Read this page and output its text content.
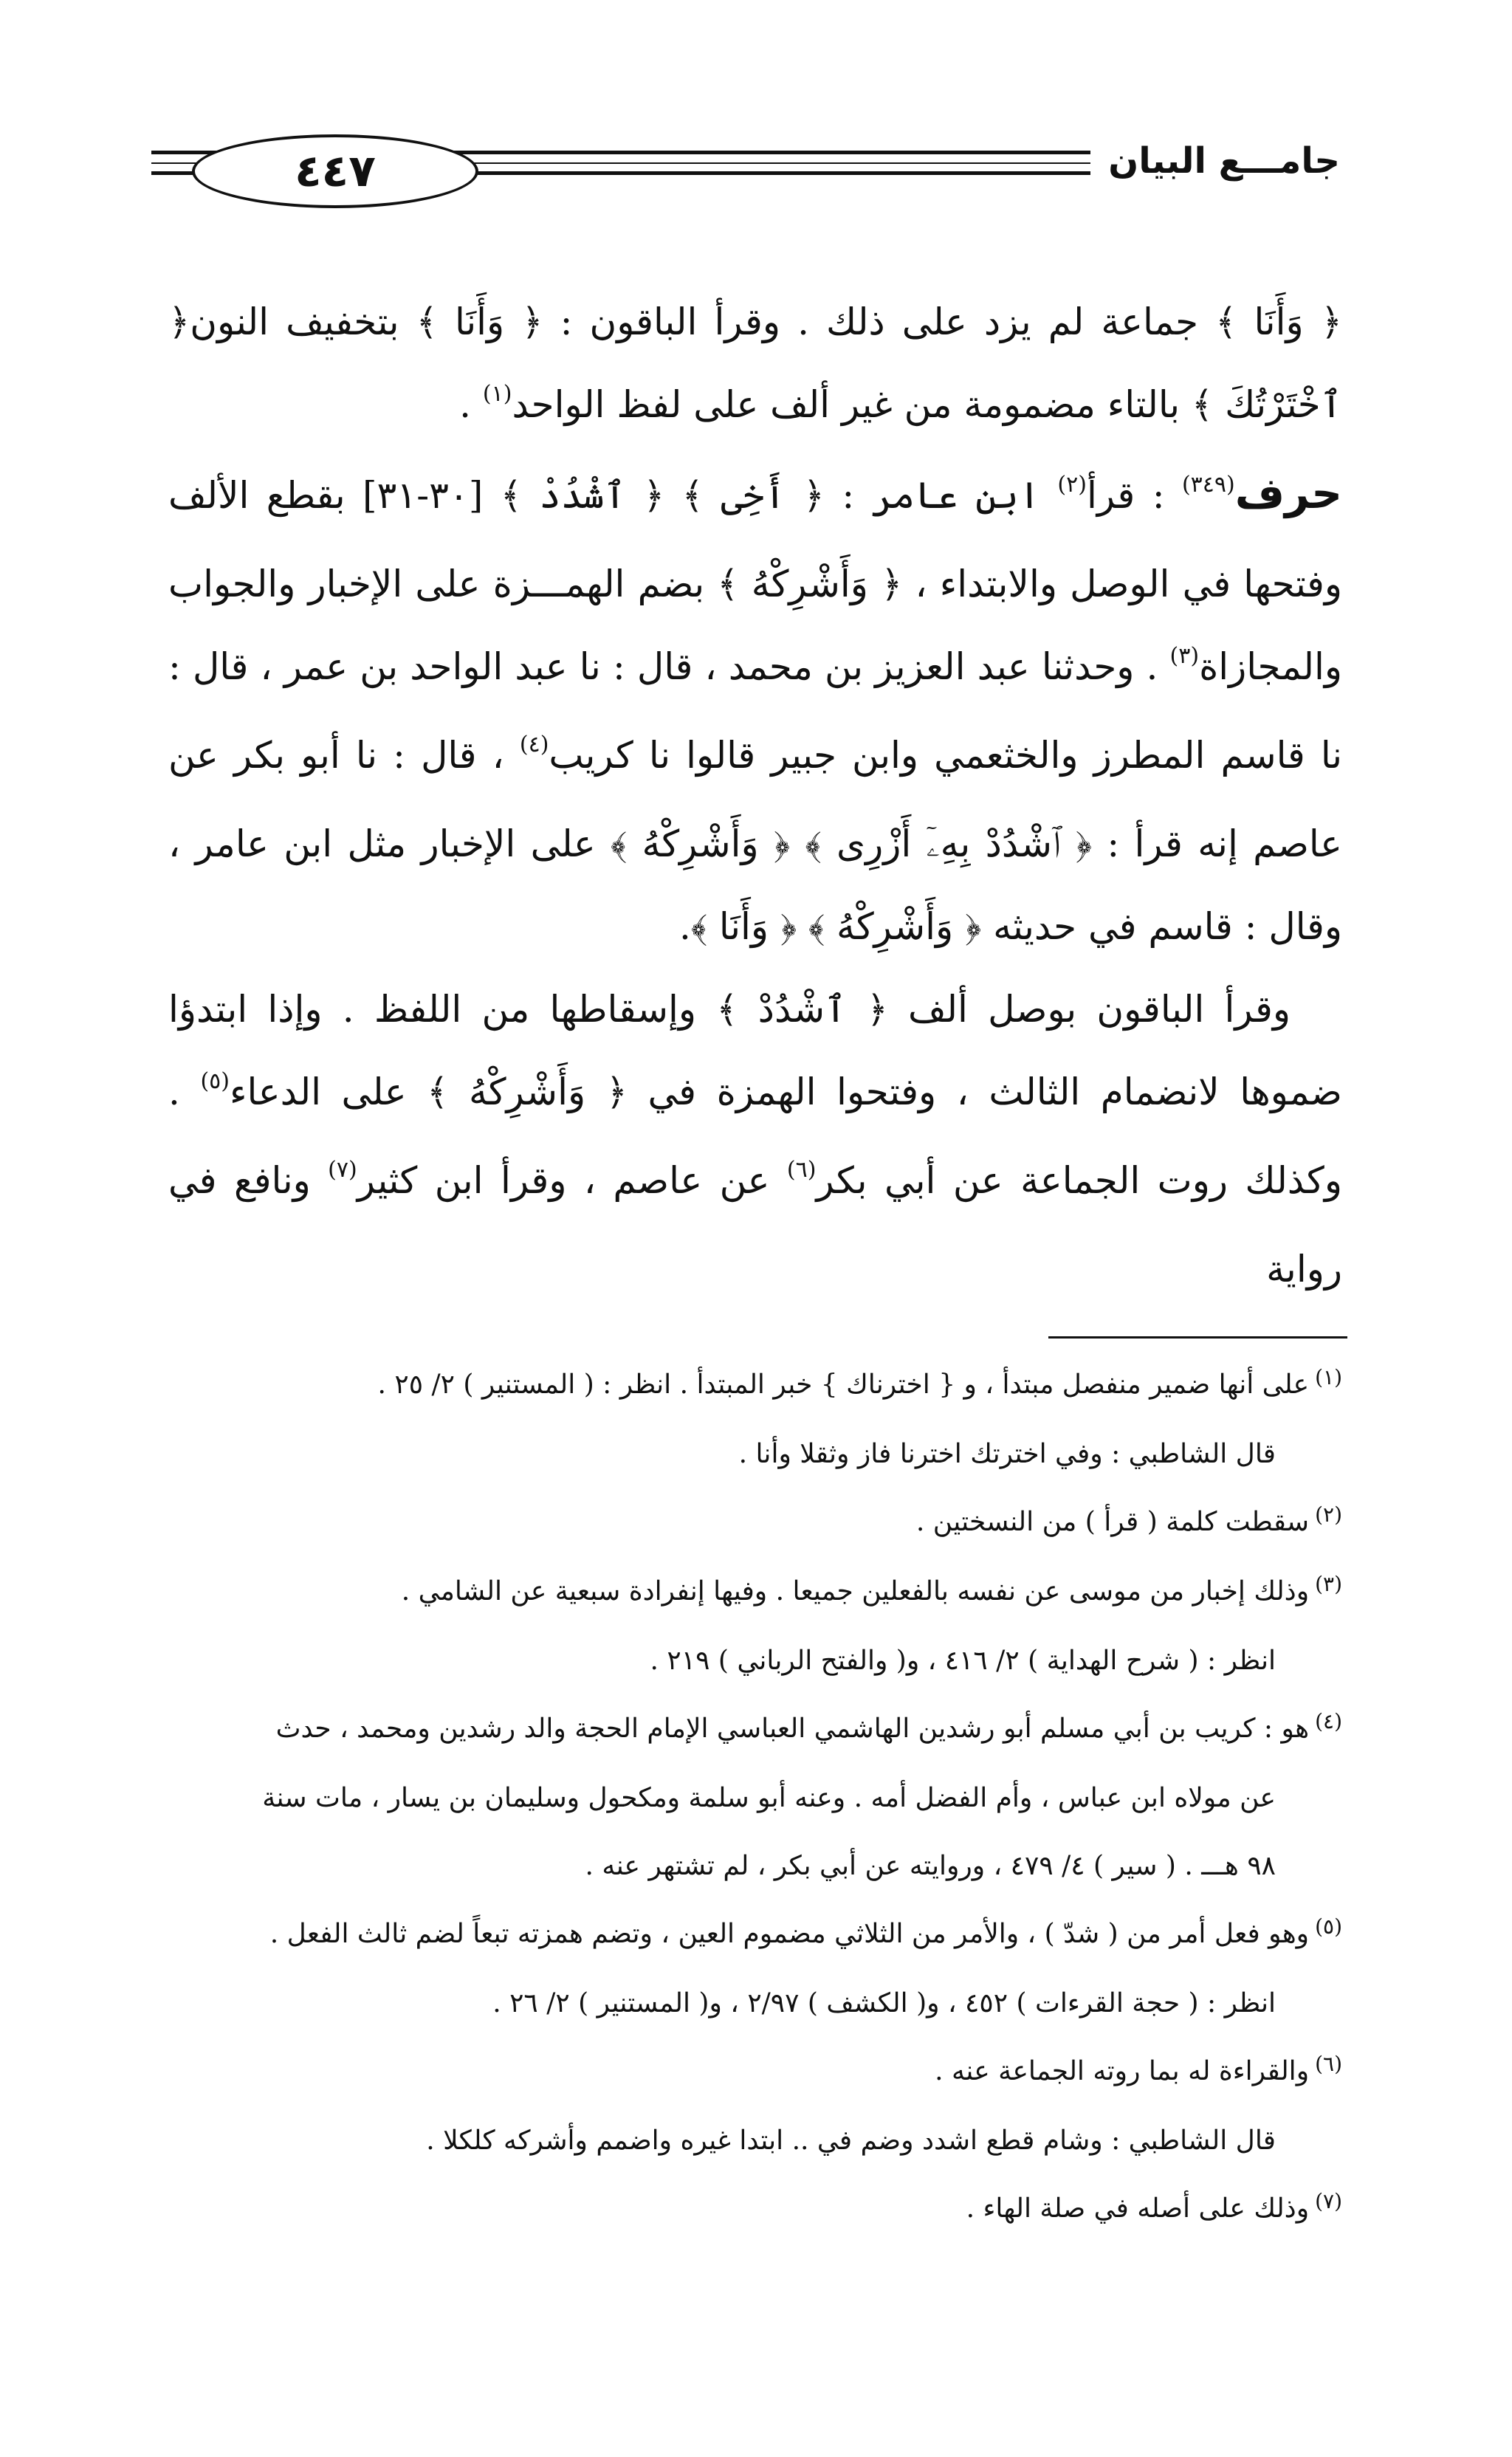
٤٤٧	جامـــع البيان

﴿ وَأَنَا ﴾ جماعة لم يزد على ذلك . وقرأ الباقون : ﴿ وَأَنَا ﴾ بتخفيف النون﴿ ٱخْتَرْتُكَ ﴾ بالتاء مضمومة من غير ألف على لفظ الواحد$^{(١)}$ .

حرف$^{(٣٤٩)}$ : قرأ$^{(٢)}$ ابن عامر : ﴿ أَخِى ﴾ ﴿ ٱشْدُدْ ﴾ [٣٠-٣١] بقطع الألف وفتحها في الوصل والابتداء ، ﴿ وَأَشْرِكْهُ ﴾ بضم الهمـــزة على الإخبار والجواب والمجازاة$^{(٣)}$ . وحدثنا عبد العزيز بن محمد ، قال : نا عبد الواحد بن عمر ، قال : نا قاسم المطرز والخثعمي وابن جبير قالوا نا كريب$^{(٤)}$ ، قال : نا أبو بكر عن عاصم إنه قرأ : ﴿ ٱشْدُدْ بِهِۦٓ أَزْرِى ﴾ ﴿ وَأَشْرِكْهُ ﴾ على الإخبار مثل ابن عامر ، وقال : قاسم في حديثه ﴿ وَأَشْرِكْهُ ﴾ ﴿ وَأَنَا ﴾.

وقرأ الباقون بوصل ألف ﴿ ٱشْدُدْ ﴾ وإسقاطها من اللفظ . وإذا ابتدؤا ضموها لانضمام الثالث ، وفتحوا الهمزة في ﴿ وَأَشْرِكْهُ ﴾ على الدعاء$^{(٥)}$ . وكذلك روت الجماعة عن أبي بكر$^{(٦)}$ عن عاصم ، وقرأ ابن كثير$^{(٧)}$ ونافع في رواية

$^{(١)}$على أنها ضمير منفصل مبتدأ ، و { اخترناك } خبر المبتدأ . انظر : ( المستنير ) ٢/ ٢٥ .

قال الشاطبي : وفي اخترتك اخترنا فاز وثقلا وأنا .

$^{(٢)}$سقطت كلمة ( قرأ ) من النسختين .

$^{(٣)}$وذلك إخبار من موسى عن نفسه بالفعلين جميعا . وفيها إنفرادة سبعية عن الشامي .

انظر : ( شرح الهداية ) ٢/ ٤١٦ ، و( والفتح الرباني ) ٢١٩ .

$^{(٤)}$هو : كريب بن أبي مسلم أبو رشدين الهاشمي العباسي الإمام الحجة والد رشدين ومحمد ، حدث

عن مولاه ابن عباس ، وأم الفضل أمه . وعنه أبو سلمة ومكحول وسليمان بن يسار ، مات سنة

٩٨ هـــ . ( سير ) ٤/ ٤٧٩ ، وروايته عن أبي بكر ، لم تشتهر عنه .

$^{(٥)}$وهو فعل أمر من ( شدّ ) ، والأمر من الثلاثي مضموم العين ، وتضم همزته تبعاً لضم ثالث الفعل .

انظر : ( حجة القرءات ) ٤٥٢ ، و( الكشف ) ٢/٩٧ ، و( المستنير ) ٢/ ٢٦ .

$^{(٦)}$والقراءة له بما روته الجماعة عنه .

قال الشاطبي : وشام قطع اشدد وضم في .. ابتدا غيره واضمم وأشركه كلكلا .

$^{(٧)}$وذلك على أصله في صلة الهاء .
